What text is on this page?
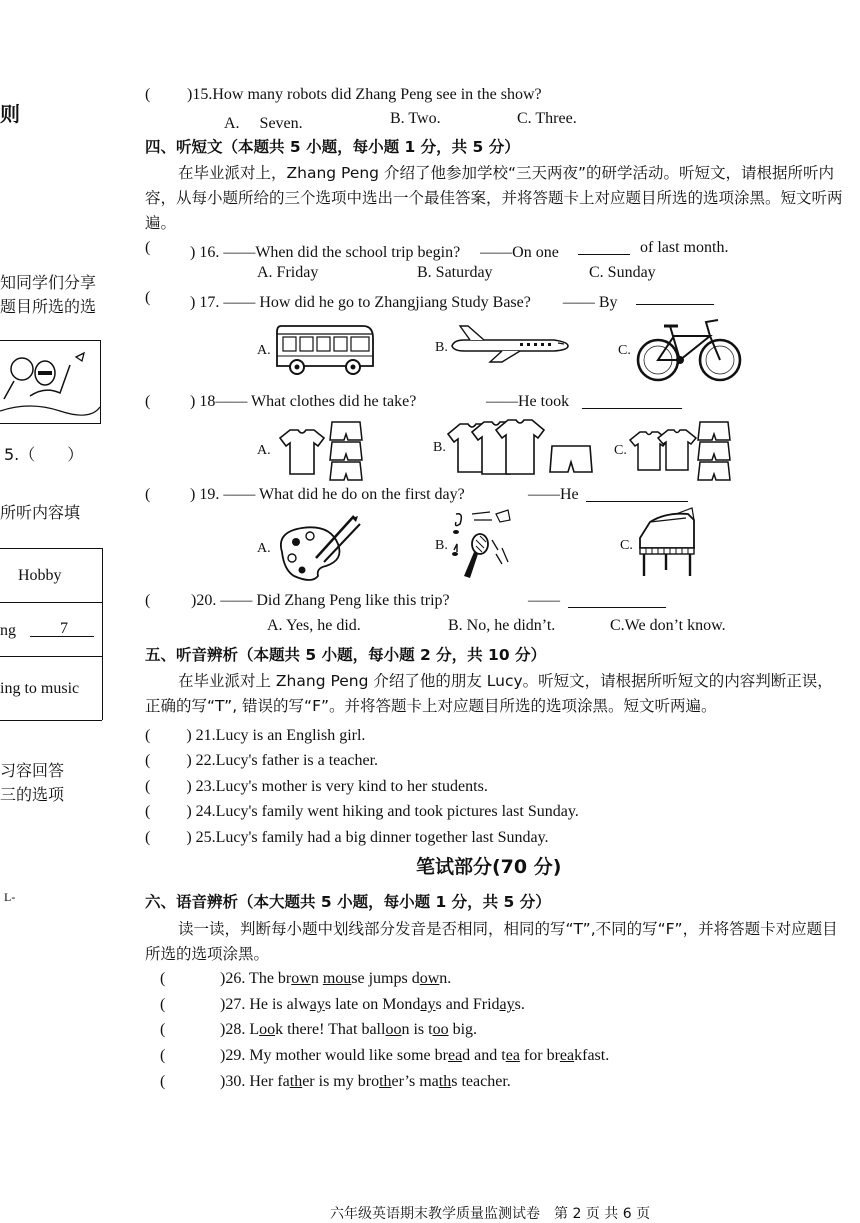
则
知同学们分享
题目所选的选
5.（　　）
所听内容填
Hobby
ng	7
ing to music
习容回答
三的选项
L-
( )15.How many robots did Zhang Peng see in the show?
A.　 Seven.	B. Two.	C. Three.
四、听短文（本题共 5 小题，每小题 1 分，共 5 分）
在毕业派对上，Zhang Peng 介绍了他参加学校“三天两夜”的研学活动。听短文，请根据所听内容，从每小题所给的三个选项中选出一个最佳答案，并将答题卡上对应题目所选的选项涂黑。短文听两遍。
( ) 16. ——When did the school trip begin?　 ——On one	of last month.
A. Friday	B. Saturday	C. Sunday
( ) 17. —— How did he go to Zhangjiang Study Base?　　—— By
A.	B.	C.
( ) 18—— What clothes did he take?	——He took
A.	B.	C.
( ) 19. —— What did he do on the first day?	——He
A.	B.	C.
(	)20. —— Did Zhang Peng like this trip?	——
A. Yes, he did.	B. No, he didn’t.	C.We don’t know.
五、听音辨析（本题共 5 小题，每小题 2 分，共 10 分）
在毕业派对上 Zhang Peng 介绍了他的朋友 Lucy。听短文，请根据所听短文的内容判断正误，正确的写“T”, 错误的写“F”。并将答题卡上对应题目所选的选项涂黑。短文听两遍。
( 　　) 21.Lucy is an English girl.
( 　　) 22.Lucy's father is a teacher.
( 　　) 23.Lucy's mother is very kind to her students.
( 　　) 24.Lucy's family went hiking and took pictures last Sunday.
( 　　) 25.Lucy's family had a big dinner together last Sunday.
笔试部分(70 分)
六、语音辨析（本大题共 5 小题，每小题 1 分，共 5 分）
读一读，判断每小题中划线部分发音是否相同，相同的写“T”,不同的写“F”，并将答题卡对应题目所选的选项涂黑。
(	)26. The brown mouse jumps down.
(	)27. He is always late on Mondays and Fridays.
(	)28. Look there! That balloon is too big.
(	)29. My mother would like some bread and tea for breakfast.
(	)30. Her father is my brother’s maths teacher.
六年级英语期末教学质量监测试卷　第 2 页 共 6 页
